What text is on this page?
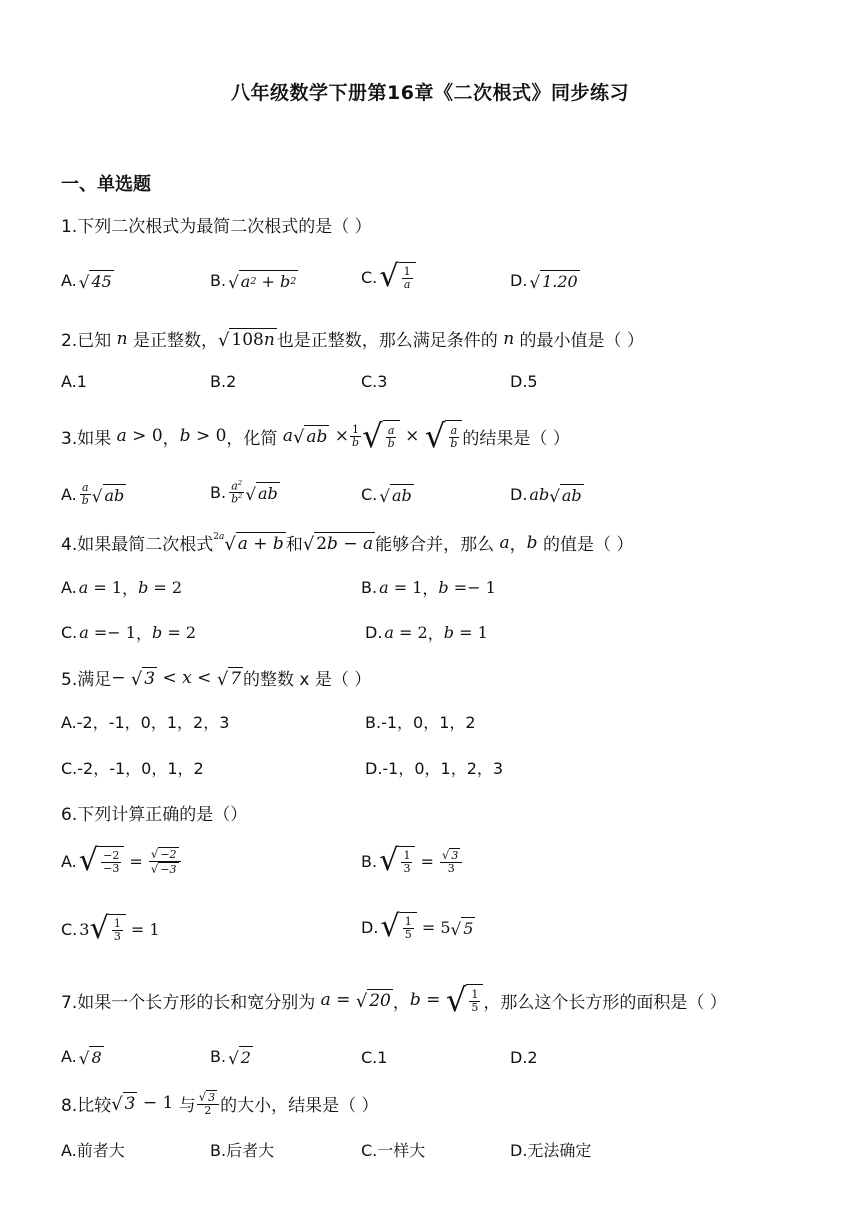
八年级数学下册第16章《二次根式》同步练习
一、单选题
1.下列二次根式为最简二次根式的是（ ）
A. √ 45	B. √ a 2
+ b 2	C. √ $\frac{1}{a}$	D. √ 1.20
2.已知
n
是正整数， √ 108 n 也是正整数，那么满足条件的
n
的最小值是（ ）
A.1	B.2	C.3	D.5
3.如果
a > 0 ， b > 0 ，化简
a √ ab × $\frac{1}{b}$ √ $\frac{a}{b}$ × √ $\frac{a}{b}$ 的结果是（ ）
A. $\frac{a}{b}$ √ ab	B. $\frac{a^2}{b^2}$ √ ab	C. √ ab	D. ab √ ab
4.如果最简二次根式 2a √ a + b 和 √ 2 b − a 能够合并，那么
a ， b
的值是（ ）
A. a = 1 ， b = 2	B. a = 1 ， b =− 1
C. a =− 1 ， b = 2	D. a = 2 ， b = 1
5.满足 − √ 3 < x < √ 7 的整数 x 是（ ）
A.-2，-1，0，1，2，3	B.-1，0，1，2
C.-2，-1，0，1，2	D.-1，0，1，2，3
6.下列计算正确的是（）
A. √ $\frac{-2}{-3} = \frac{√ -2}{√ -3}$	B. √ $\frac{1}{3} = \frac{√ 3}{3}$
C. 3 √ $\frac{1}{3} = 1$	D. √ $\frac{1}{5} = 5$ √ 5
7.如果一个长方形的长和宽分别为
a = √ 20 ， b = √ $\frac{1}{5}$ ，那么这个长方形的面积是（ ）
A. √ 8	B. √ 2	C.1	D.2
8.比较 √ 3 − 1 与 $\frac{√ 3}{2}$ 的大小，结果是（ ）
A.前者大	B.后者大	C.一样大	D.无法确定
